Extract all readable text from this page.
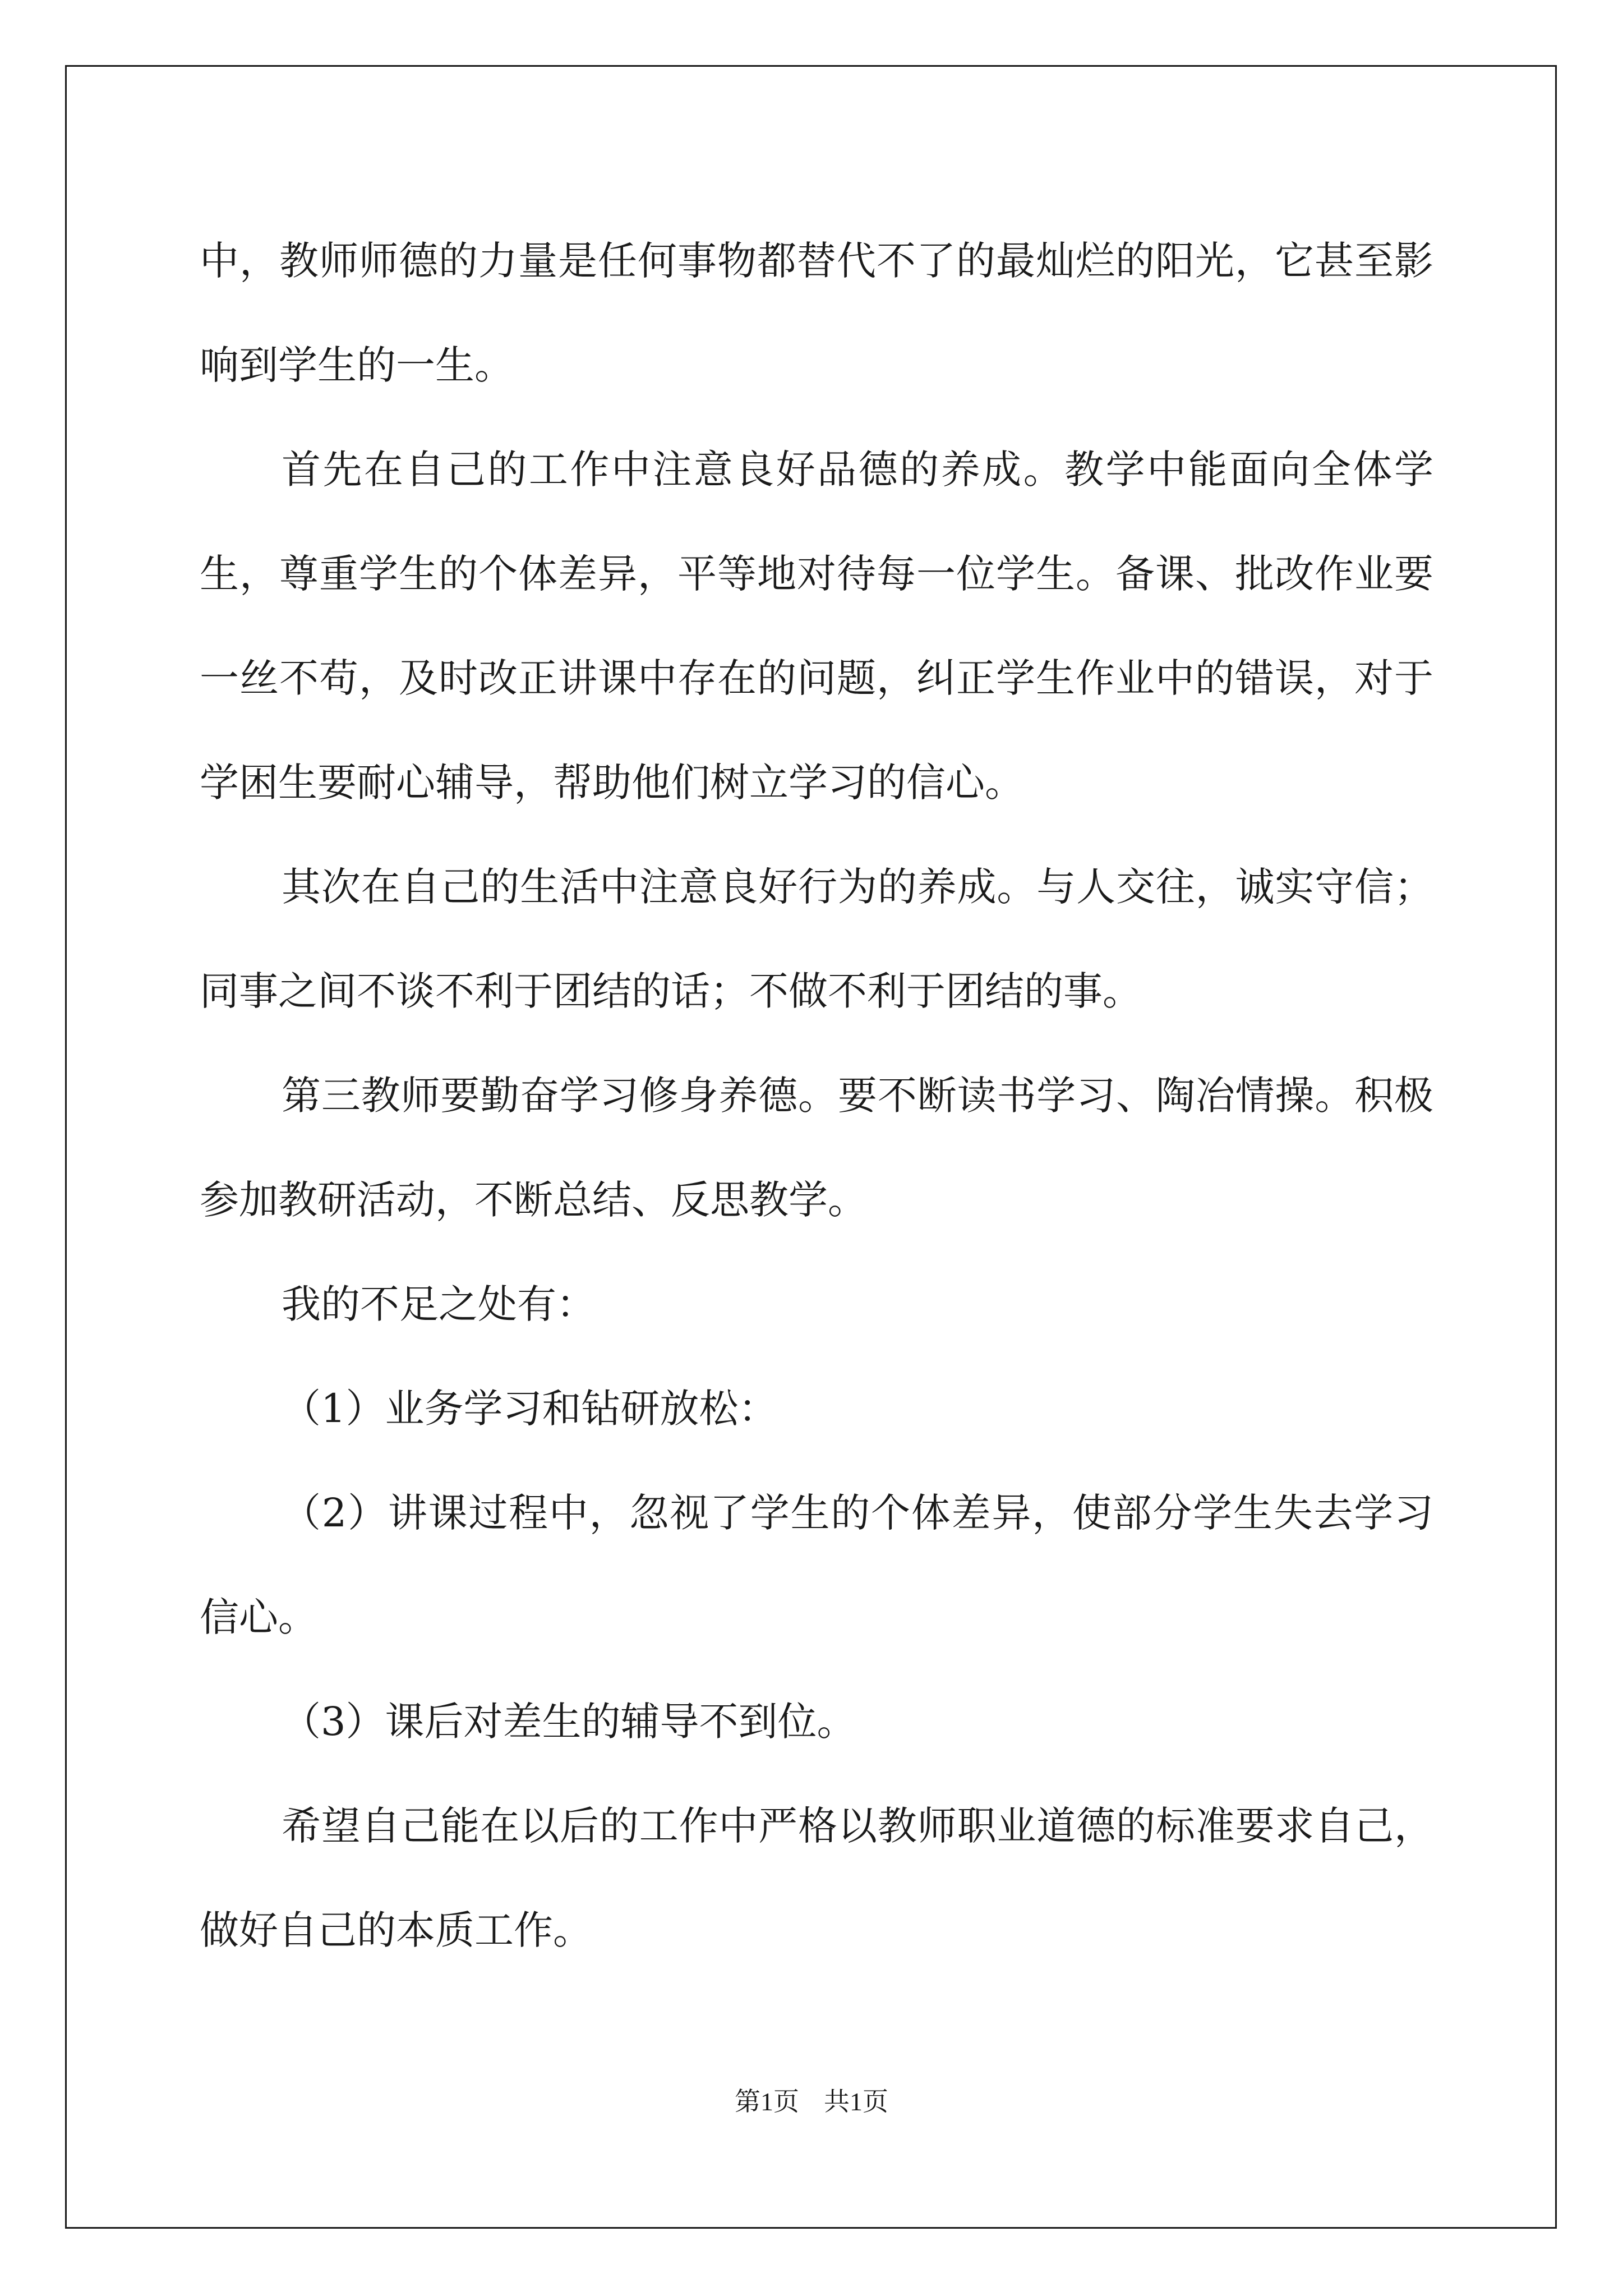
中，教师师德的力量是任何事物都替代不了的最灿烂的阳光，它甚至影响到学生的一生。

首先在自己的工作中注意良好品德的养成。教学中能面向全体学生，尊重学生的个体差异，平等地对待每一位学生。备课、批改作业要一丝不苟，及时改正讲课中存在的问题，纠正学生作业中的错误，对于学困生要耐心辅导，帮助他们树立学习的信心。

其次在自己的生活中注意良好行为的养成。与人交往，诚实守信；同事之间不谈不利于团结的话；不做不利于团结的事。

第三教师要勤奋学习修身养德。要不断读书学习、陶冶情操。积极参加教研活动，不断总结、反思教学。

我的不足之处有：

（1）业务学习和钻研放松：

（2）讲课过程中，忽视了学生的个体差异，使部分学生失去学习信心。

（3）课后对差生的辅导不到位。

希望自己能在以后的工作中严格以教师职业道德的标准要求自己，做好自己的本质工作。

第1页 共1页
